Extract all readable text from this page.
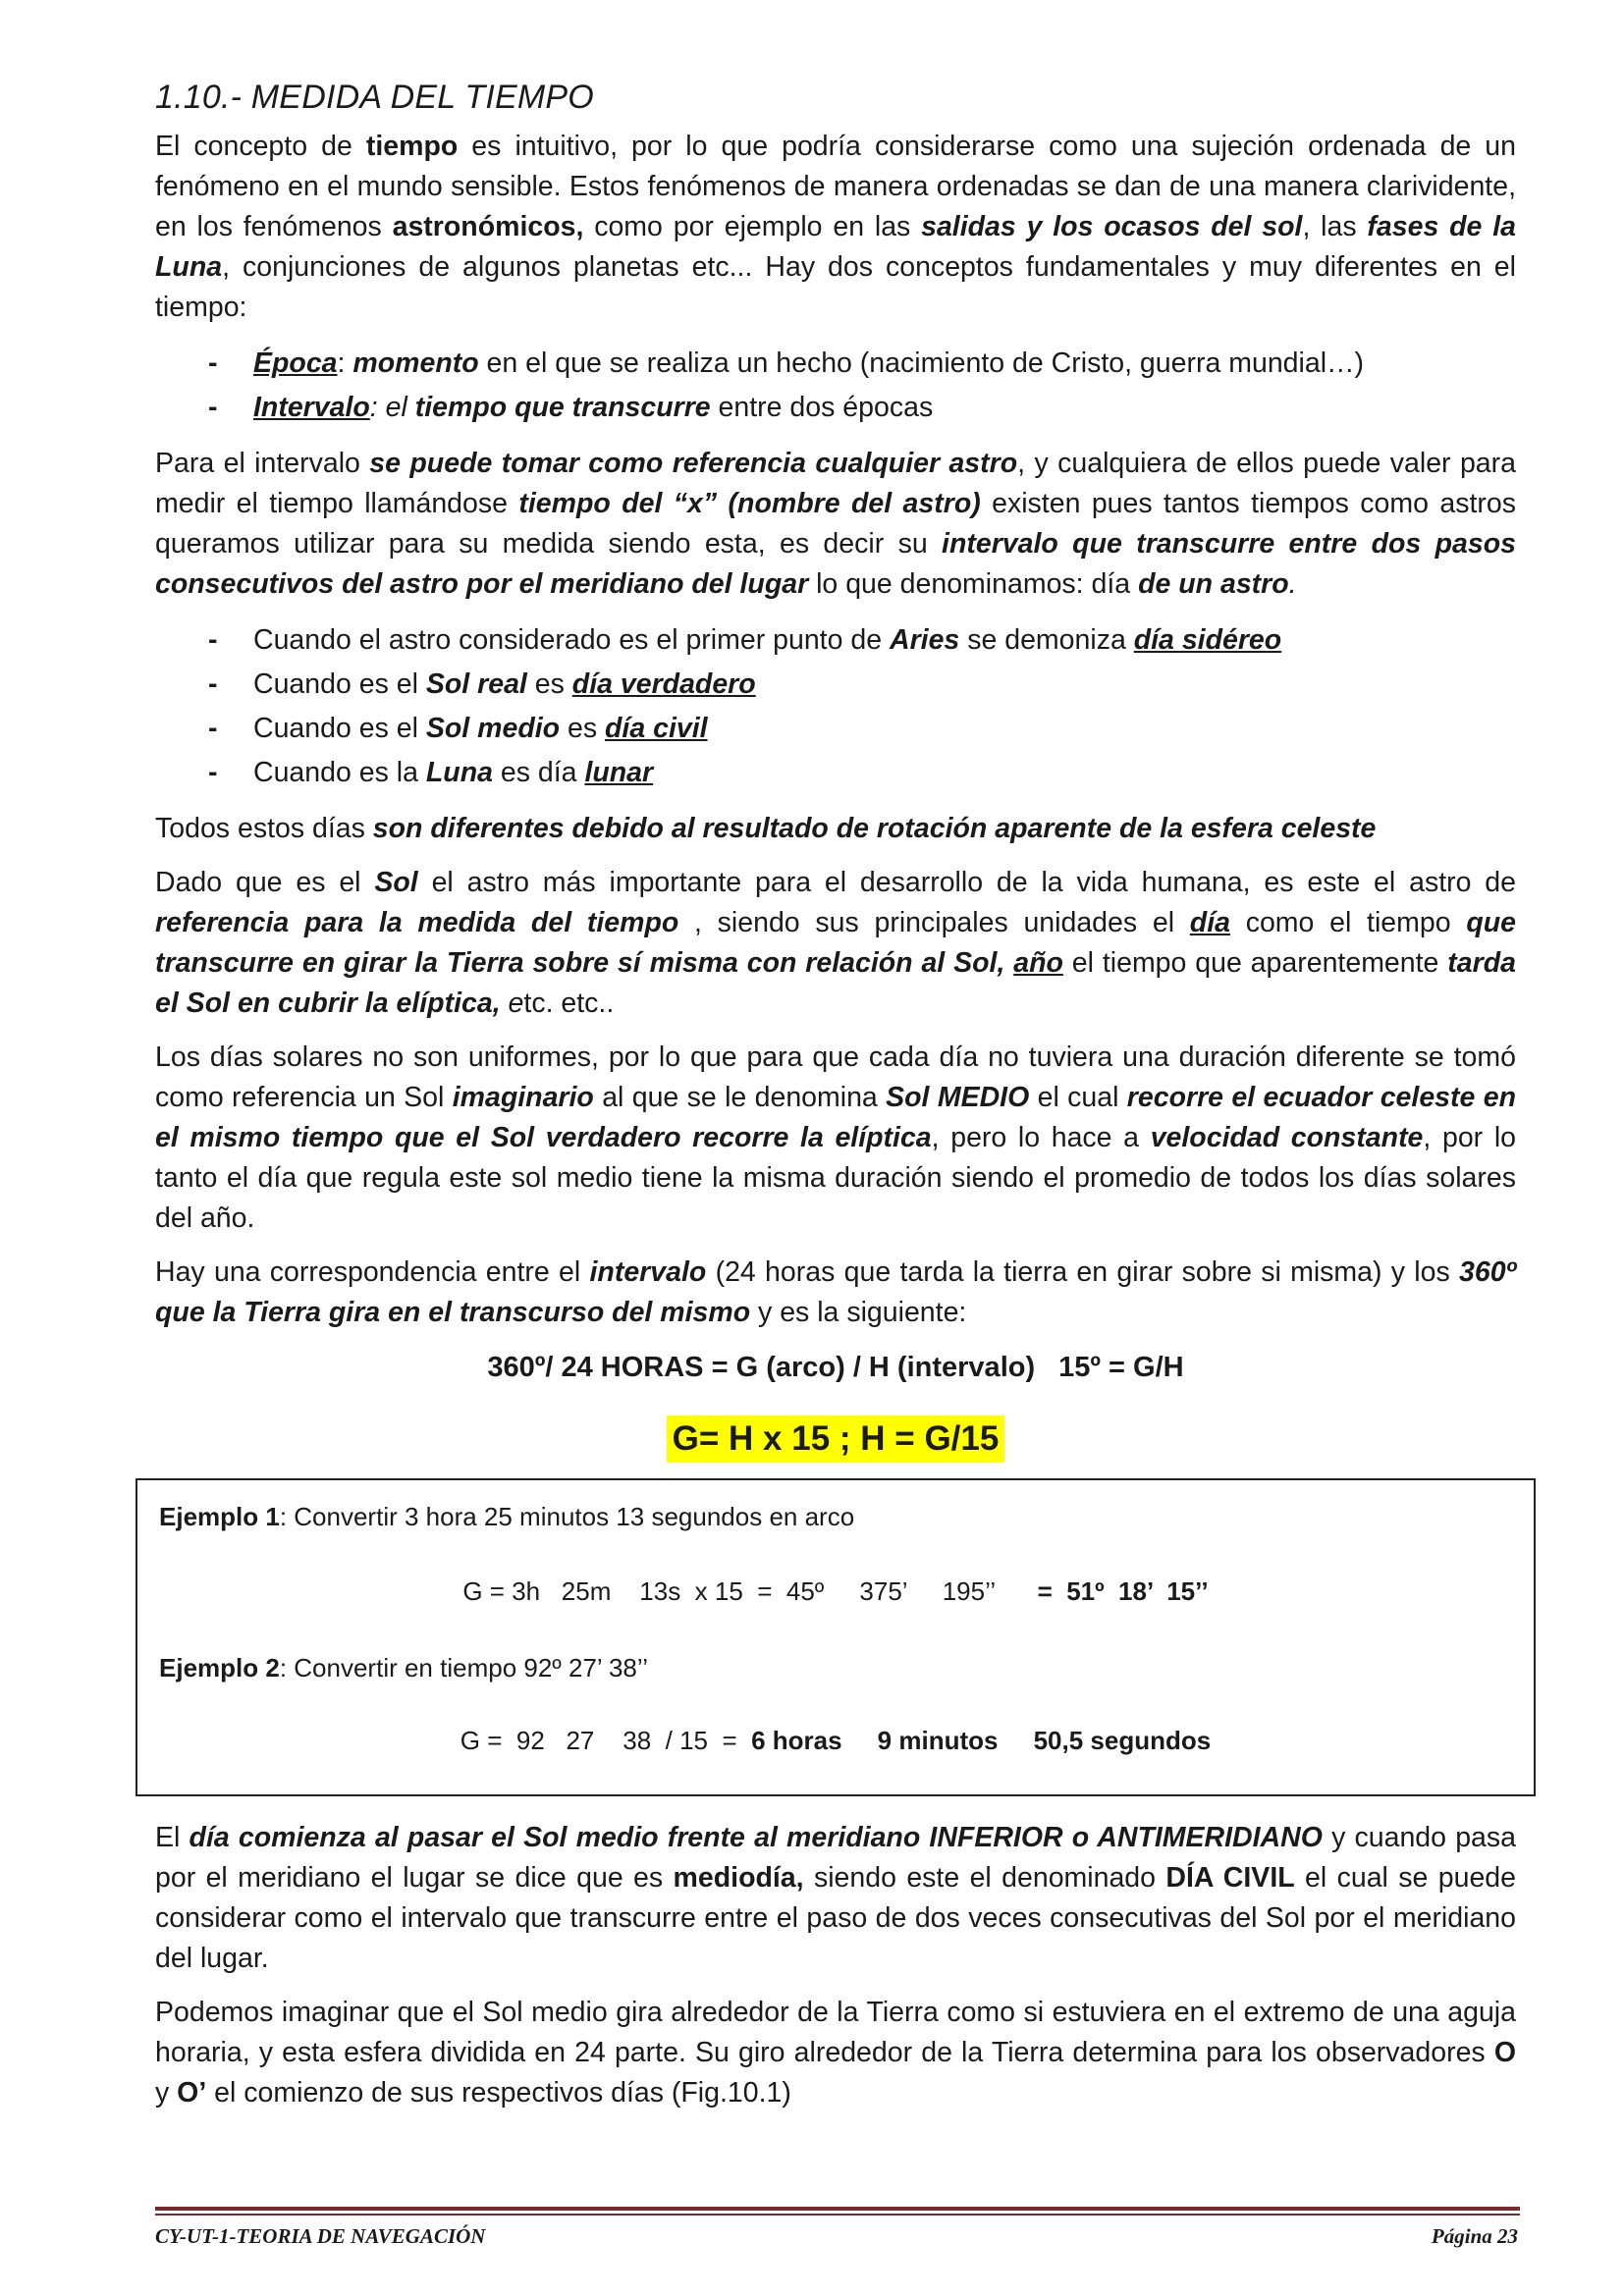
1.10.- MEDIDA DEL TIEMPO

El concepto de tiempo es intuitivo, por lo que podría considerarse como una sujeción ordenada de un fenómeno en el mundo sensible. Estos fenómenos de manera ordenadas se dan de una manera clarividente, en los fenómenos astronómicos, como por ejemplo en las salidas y los ocasos del sol, las fases de la Luna, conjunciones de algunos planetas etc... Hay dos conceptos fundamentales y muy diferentes en el tiempo:

- Época: momento en el que se realiza un hecho (nacimiento de Cristo, guerra mundial…)
- Intervalo: el tiempo que transcurre entre dos épocas

Para el intervalo se puede tomar como referencia cualquier astro, y cualquiera de ellos puede valer para medir el tiempo llamándose tiempo del “x” (nombre del astro) existen pues tantos tiempos como astros queramos utilizar para su medida siendo esta, es decir su intervalo que transcurre entre dos pasos consecutivos del astro por el meridiano del lugar lo que denominamos: día de un astro.

- Cuando el astro considerado es el primer punto de Aries se demoniza día sidéreo
- Cuando es el Sol real es día verdadero
- Cuando es el Sol medio es día civil
- Cuando es la Luna es día lunar

Todos estos días son diferentes debido al resultado de rotación aparente de la esfera celeste

Dado que es el Sol el astro más importante para el desarrollo de la vida humana, es este el astro de referencia para la medida del tiempo , siendo sus principales unidades el día como el tiempo que transcurre en girar la Tierra sobre sí misma con relación al Sol, año el tiempo que aparentemente tarda el Sol en cubrir la elíptica, etc. etc..

Los días solares no son uniformes, por lo que para que cada día no tuviera una duración diferente se tomó como referencia un Sol imaginario al que se le denomina Sol MEDIO el cual recorre el ecuador celeste en el mismo tiempo que el Sol verdadero recorre la elíptica, pero lo hace a velocidad constante, por lo tanto el día que regula este sol medio tiene la misma duración siendo el promedio de todos los días solares del año.

Hay una correspondencia entre el intervalo (24 horas que tarda la tierra en girar sobre si misma) y los 360º que la Tierra gira en el transcurso del mismo y es la siguiente:

360º/ 24 HORAS = G (arco) / H (intervalo) 15º = G/H
G= H x 15 ; H = G/15
Ejemplo 1: Convertir 3 hora 25 minutos 13 segundos en arco
G = 3h   25m    13s  x 15  =  45º     375’     195’’      =  51º  18’  15’’
Ejemplo 2: Convertir en tiempo 92º 27’ 38’’
G =  92   27    38  / 15  =  6 horas     9 minutos     50,5 segundos

El día comienza al pasar el Sol medio frente al meridiano INFERIOR o ANTIMERIDIANO y cuando pasa por el meridiano el lugar se dice que es mediodía, siendo este el denominado DÍA CIVIL el cual se puede considerar como el intervalo que transcurre entre el paso de dos veces consecutivas del Sol por el meridiano del lugar.

Podemos imaginar que el Sol medio gira alrededor de la Tierra como si estuviera en el extremo de una aguja horaria, y esta esfera dividida en 24 parte. Su giro alrededor de la Tierra determina para los observadores O y O’ el comienzo de sus respectivos días (Fig.10.1)

CY-UT-1-TEORIA DE NAVEGACIÓN	Página 23
